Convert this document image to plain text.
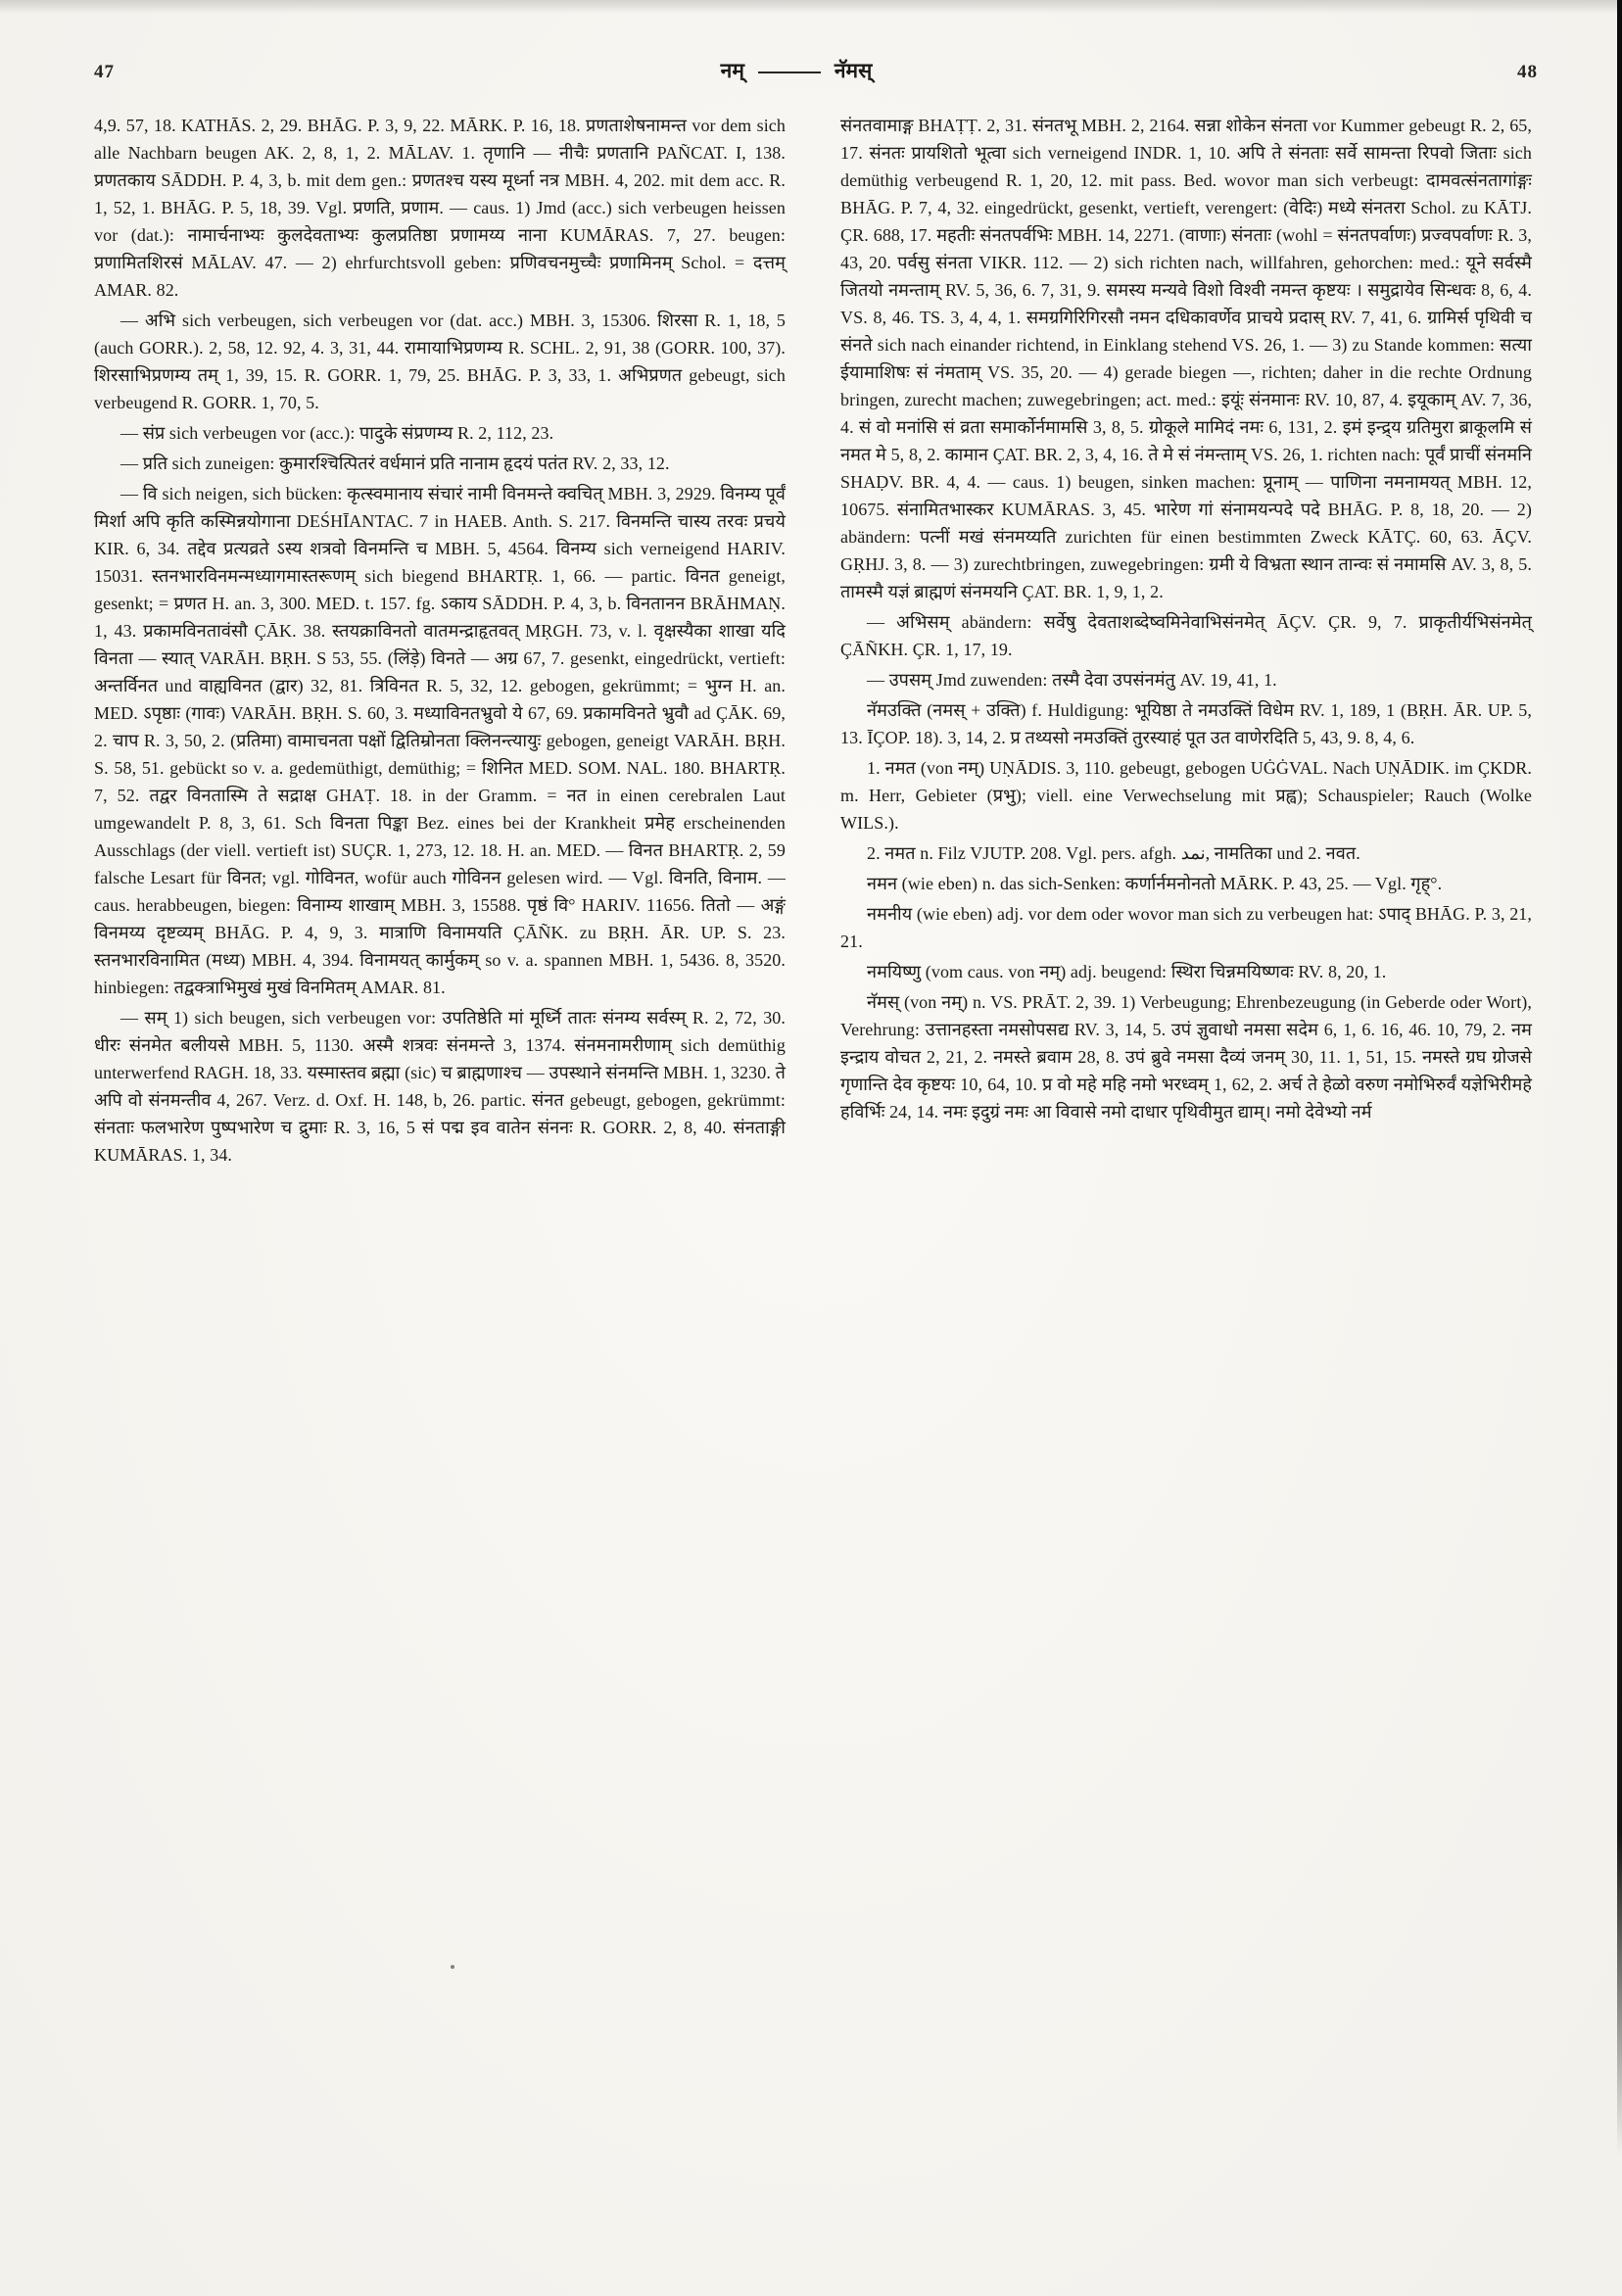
47	नम्	नॅमस्	48

4,9. 57, 18. KATHĀS. 2, 29. BHĀG. P. 3, 9, 22. MĀRK. P. 16, 18. प्रणताशेषनामन्त vor dem sich alle Nachbarn beugen AK. 2, 8, 1, 2. MĀLAV. 1. तृणानि — नीचैः प्रणतानि PAÑCAT. I, 138. प्रणतकाय SĀDDH. P. 4, 3, b. mit dem gen.: प्रणतश्च यस्य मूर्ध्ना नत्र MBH. 4, 202. mit dem acc. R. 1, 52, 1. BHĀG. P. 5, 18, 39. Vgl. प्रणति, प्रणाम. — caus. 1) Jmd (acc.) sich verbeugen heissen vor (dat.): नामार्चनाभ्यः कुलदेवताभ्यः कुलप्रतिष्ठा प्रणामय्य नाना KUMĀRAS. 7, 27. beugen: प्रणामितशिरसं MĀLAV. 47. — 2) ehrfurchtsvoll geben: प्रणिवचनमुच्चैः प्रणामिनम् Schol. = दत्तम् AMAR. 82.

— अभि sich verbeugen, sich verbeugen vor (dat. acc.) MBH. 3, 15306. शिरसा R. 1, 18, 5 (auch GORR.). 2, 58, 12. 92, 4. 3, 31, 44. रामायाभिप्रणम्य R. SCHL. 2, 91, 38 (GORR. 100, 37). शिरसाभिप्रणम्य तम् 1, 39, 15. R. GORR. 1, 79, 25. BHĀG. P. 3, 33, 1. अभिप्रणत gebeugt, sich verbeugend R. GORR. 1, 70, 5.

— संप्र sich verbeugen vor (acc.): पादुके संप्रणम्य R. 2, 112, 23.

— प्रति sich zuneigen: कुमारश्चित्पितरं वर्धमानं प्रति नानाम हृदयं पतंत RV. 2, 33, 12.

— वि sich neigen, sich bücken: कृत्स्वमानाय संचारं नामी विनमन्ते क्वचित् MBH. 3, 2929. विनम्य पूर्वं मिर्शा अपि कृति कस्मिन्नयोगाना DEŚHĪANTAC. 7 in HAEB. Anth. S. 217. विनमन्ति चास्य तरवः प्रचये KIR. 6, 34. तद्देव प्रत्यव्रते ऽस्य शत्रवो विनमन्ति च MBH. 5, 4564. विनम्य sich verneigend HARIV. 15031. स्तनभारविनमन्मध्यागमास्तरूणम् sich biegend BHARTṚ. 1, 66. — partic. विनत geneigt, gesenkt; = प्रणत H. an. 3, 300. MED. t. 157. fg. ऽकाय SĀDDH. P. 4, 3, b. विनतानन BRĀHMAṆ. 1, 43. प्रकामविनतावंसौ ÇĀK. 38. स्तयक्राविनतो वातमन्द्राहृतवत् MṚGH. 73, v. l. वृक्षस्यैका शाखा यदि विनता — स्यात् VARĀH. BṚH. S 53, 55. (लिंड़े) विनते — अग्र 67, 7. gesenkt, eingedrückt, vertieft: अन्तर्विनत und वाह्यविनत (द्वार) 32, 81. त्रिविनत R. 5, 32, 12. gebogen, gekrümmt; = भुग्न H. an. MED. ऽपृष्ठाः (गावः) VARĀH. BṚH. S. 60, 3. मध्याविनतभ्रुवो ये 67, 69. प्रकामविनते भ्रुवौ ad ÇĀK. 69, 2. चाप R. 3, 50, 2. (प्रतिमा) वामाचनता पक्षों द्वितिम्रोनता क्लिनन्त्यायुः gebogen, geneigt VARĀH. BṚH. S. 58, 51. gebückt so v. a. gedemüthigt, demüthig; = शिनित MED. SOM. NAL. 180. BHARTṚ. 7, 52. तद्वर विनतास्मि ते सद्राक्ष GHAṬ. 18. in der Gramm. = नत in einen cerebralen Laut umgewandelt P. 8, 3, 61. Sch विनता पिङ्का Bez. eines bei der Krankheit प्रमेह erscheinenden Ausschlags (der viell. vertieft ist) SUÇR. 1, 273, 12. 18. H. an. MED. — विनत BHARTṚ. 2, 59 falsche Lesart für विनत; vgl. गोविनत, wofür auch गोविनन gelesen wird. — Vgl. विनति, विनाम. — caus. herabbeugen, biegen: विनाम्य शाखाम् MBH. 3, 15588. पृष्ठं वि° HARIV. 11656. तितो — अङ्गं विनमय्य दृष्टव्यम् BHĀG. P. 4, 9, 3. मात्राणि विनामयति ÇĀÑK. zu BṚH. ĀR. UP. S. 23. स्तनभारविनामित (मध्य) MBH. 4, 394. विनामयत् कार्मुकम् so v. a. spannen MBH. 1, 5436. 8, 3520. hinbiegen: तद्वक्त्राभिमुखं मुखं विनमितम् AMAR. 81.

— सम् 1) sich beugen, sich verbeugen vor: उपतिष्ठेति मां मूर्ध्नि तातः संनम्य सर्वस्म् R. 2, 72, 30. धीरः संनमेत बलीयसे MBH. 5, 1130. अस्मै शत्रवः संनमन्ते 3, 1374. संनमनामरीणाम् sich demüthig unterwerfend RAGH. 18, 33. यस्मास्तव ब्रह्मा (sic) च ब्राह्मणाश्च — उपस्थाने संनमन्ति MBH. 1, 3230. ते अपि वो संनमन्तीव 4, 267. Verz. d. Oxf. H. 148, b, 26. partic. संनत gebeugt, gebogen, gekrümmt: संनताः फलभारेण पुष्पभारेण च द्रुमाः R. 3, 16, 5 सं पद्म इव वातेन संननः R. GORR. 2, 8, 40. संनताङ्गी KUMĀRAS. 1, 34.

संनतवामाङ्ग BHAṬṬ. 2, 31. संनतभू MBH. 2, 2164. सन्ना शोकेन संनता vor Kummer gebeugt R. 2, 65, 17. संनतः प्रायशितो भूत्वा sich verneigend INDR. 1, 10. अपि ते संनताः सर्वे सामन्ता रिपवो जिताः sich demüthig verbeugend R. 1, 20, 12. mit pass. Bed. wovor man sich verbeugt: दामवत्संनतागांङ्गः BHĀG. P. 7, 4, 32. eingedrückt, gesenkt, vertieft, verengert: (वेदिः) मध्ये संनतरा Schol. zu KĀTJ. ÇR. 688, 17. महतीः संनतपर्वभिः MBH. 14, 2271. (वाणाः) संनताः (wohl = संनतपर्वाणः) प्रज्वपर्वाणः R. 3, 43, 20. पर्वसु संनता VIKR. 112. — 2) sich richten nach, willfahren, gehorchen: med.: यूने सर्वस्मै जितयो नमन्ताम् RV. 5, 36, 6. 7, 31, 9. समस्य मन्यवे विशो विश्वी नमन्त कृष्टयः । समुद्रायेव सिन्धवः 8, 6, 4. VS. 8, 46. TS. 3, 4, 4, 1. समग्रगिरिगिरसौ नमन दधिकावर्णेव प्राचये प्रदास् RV. 7, 41, 6. ग्रामिर्स पृथिवी च संनते sich nach einander richtend, in Einklang stehend VS. 26, 1. — 3) zu Stande kommen: सत्या ईयामाशिषः सं नंमताम् VS. 35, 20. — 4) gerade biegen —, richten; daher in die rechte Ordnung bringen, zurecht machen; zuwegebringen; act. med.: इयूंः संनमानः RV. 10, 87, 4. इयूकाम् AV. 7, 36, 4. सं वो मनांसि सं व्रता समार्कोर्नमामसि 3, 8, 5. ग्रोकूले मामिदं नमः 6, 131, 2. इमं इन्द्र्य ग्रतिमुरा ब्राकूलमि सं नमत मे 5, 8, 2. कामान ÇAT. BR. 2, 3, 4, 16. ते मे सं नंमन्ताम् VS. 26, 1. richten nach: पूर्वं प्राचीं संनमनि SHAḌV. BR. 4, 4. — caus. 1) beugen, sinken machen: प्रूनाम् — पाणिना नमनामयत् MBH. 12, 10675. संनामितभास्कर KUMĀRAS. 3, 45. भारेण गां संनामयन्पदे पदे BHĀG. P. 8, 18, 20. — 2) abändern: पत्नीं मखं संनमय्यति zurichten für einen bestimmten Zweck KĀTÇ. 60, 63. ĀÇV. GṚHJ. 3, 8. — 3) zurechtbringen, zuwegebringen: ग्रमी ये विभ्रता स्थान तान्वः सं नमामसि AV. 3, 8, 5. तामस्मै यज्ञं ब्राह्मणं संनमयनि ÇAT. BR. 1, 9, 1, 2.

— अभिसम् abändern: सर्वेषु देवताशब्देष्वमिनेवाभिसंनमेत् ĀÇV. ÇR. 9, 7. प्राकृतीर्यभिसंनमेत् ÇĀÑKH. ÇR. 1, 17, 19.

— उपसम् Jmd zuwenden: तस्मै देवा उपसंनमंतु AV. 19, 41, 1.

नॅमउक्ति (नमस् + उक्ति) f. Huldigung: भूयिष्ठा ते नमउक्तिं विधेम RV. 1, 189, 1 (BṚH. ĀR. UP. 5, 13. ĪÇOP. 18). 3, 14, 2. प्र तथ्यसो नमउक्तिं तुरस्याहं पूत उत वाणेरदिति 5, 43, 9. 8, 4, 6.

1. नमत (von नम्) UṆĀDIS. 3, 110. gebeugt, gebogen UĠĠVAL. Nach UṆĀDIK. im ÇKDR. m. Herr, Gebieter (प्रभु); viell. eine Verwechselung mit प्रह्व); Schauspieler; Rauch (Wolke WILS.).

2. नमत n. Filz VJUTP. 208. Vgl. pers. afgh. نمد, नामतिका und 2. नवत.

नमन (wie eben) n. das sich-Senken: कर्णार्नमनोनतो MĀRK. P. 43, 25. — Vgl. गृह्°.

नमनीय (wie eben) adj. vor dem oder wovor man sich zu verbeugen hat: ऽपाद् BHĀG. P. 3, 21, 21.

नमयिष्णु (vom caus. von नम्) adj. beugend: स्थिरा चिन्नमयिष्णवः RV. 8, 20, 1.

नॅमस् (von नम्) n. VS. PRĀT. 2, 39. 1) Verbeugung; Ehrenbezeugung (in Geberde oder Wort), Verehrung: उत्तानहस्ता नमसोपसद्य RV. 3, 14, 5. उपं ज्ञुवाधो नमसा सदेम 6, 1, 6. 16, 46. 10, 79, 2. नम इन्द्राय वोचत 2, 21, 2. नमस्ते ब्रवाम 28, 8. उपं ब्रुवे नमसा दैव्यं जनम् 30, 11. 1, 51, 15. नमस्ते ग्रघ ग्रोजसे गृणान्ति देव कृष्टयः 10, 64, 10. प्र वो महे महि नमो भरध्वम् 1, 62, 2. अर्च ते हेळो वरुण नमोभिरुर्वं यज्ञेभिरीमहे हविर्भिः 24, 14. नमः इदुग्रं नमः आ विवासे नमो दाधार पृथिवीमुत द्याम्। नमो देवेभ्यो नर्म
